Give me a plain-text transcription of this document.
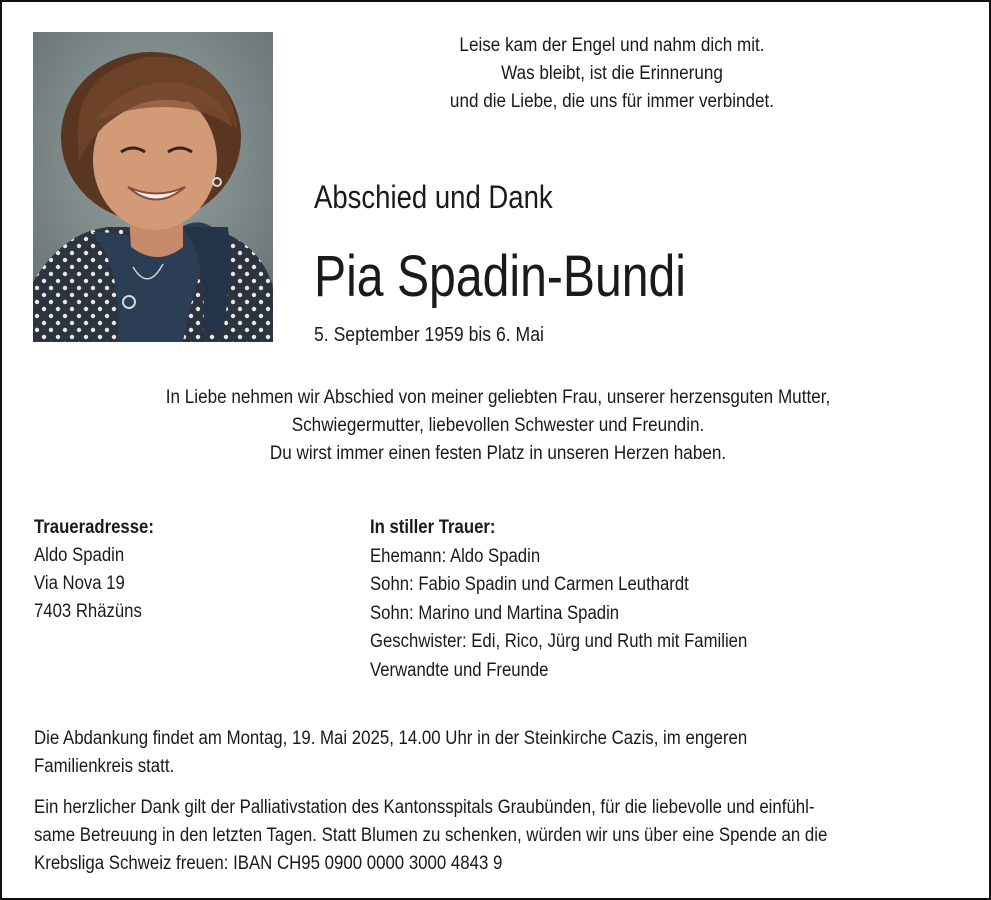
Leise kam der Engel und nahm dich mit.
Was bleibt, ist die Erinnerung
und die Liebe, die uns für immer verbindet.
Abschied und Dank
Pia Spadin-Bundi
5. September 1959 bis 6. Mai
In Liebe nehmen wir Abschied von meiner geliebten Frau, unserer herzensguten Mutter,
Schwiegermutter, liebevollen Schwester und Freundin.
Du wirst immer einen festen Platz in unseren Herzen haben.
Traueradresse:
Aldo Spadin
Via Nova 19
7403 Rhäzüns
In stiller Trauer:
Ehemann: Aldo Spadin
Sohn: Fabio Spadin und Carmen Leuthardt
Sohn: Marino und Martina Spadin
Geschwister: Edi, Rico, Jürg und Ruth mit Familien
Verwandte und Freunde
Die Abdankung findet am Montag, 19. Mai 2025, 14.00 Uhr in der Steinkirche Cazis, im engeren
Familienkreis statt.
Ein herzlicher Dank gilt der Palliativstation des Kantonsspitals Graubünden, für die liebevolle und einfühl-
same Betreuung in den letzten Tagen. Statt Blumen zu schenken, würden wir uns über eine Spende an die
Krebsliga Schweiz freuen: IBAN CH95 0900 0000 3000 4843 9
